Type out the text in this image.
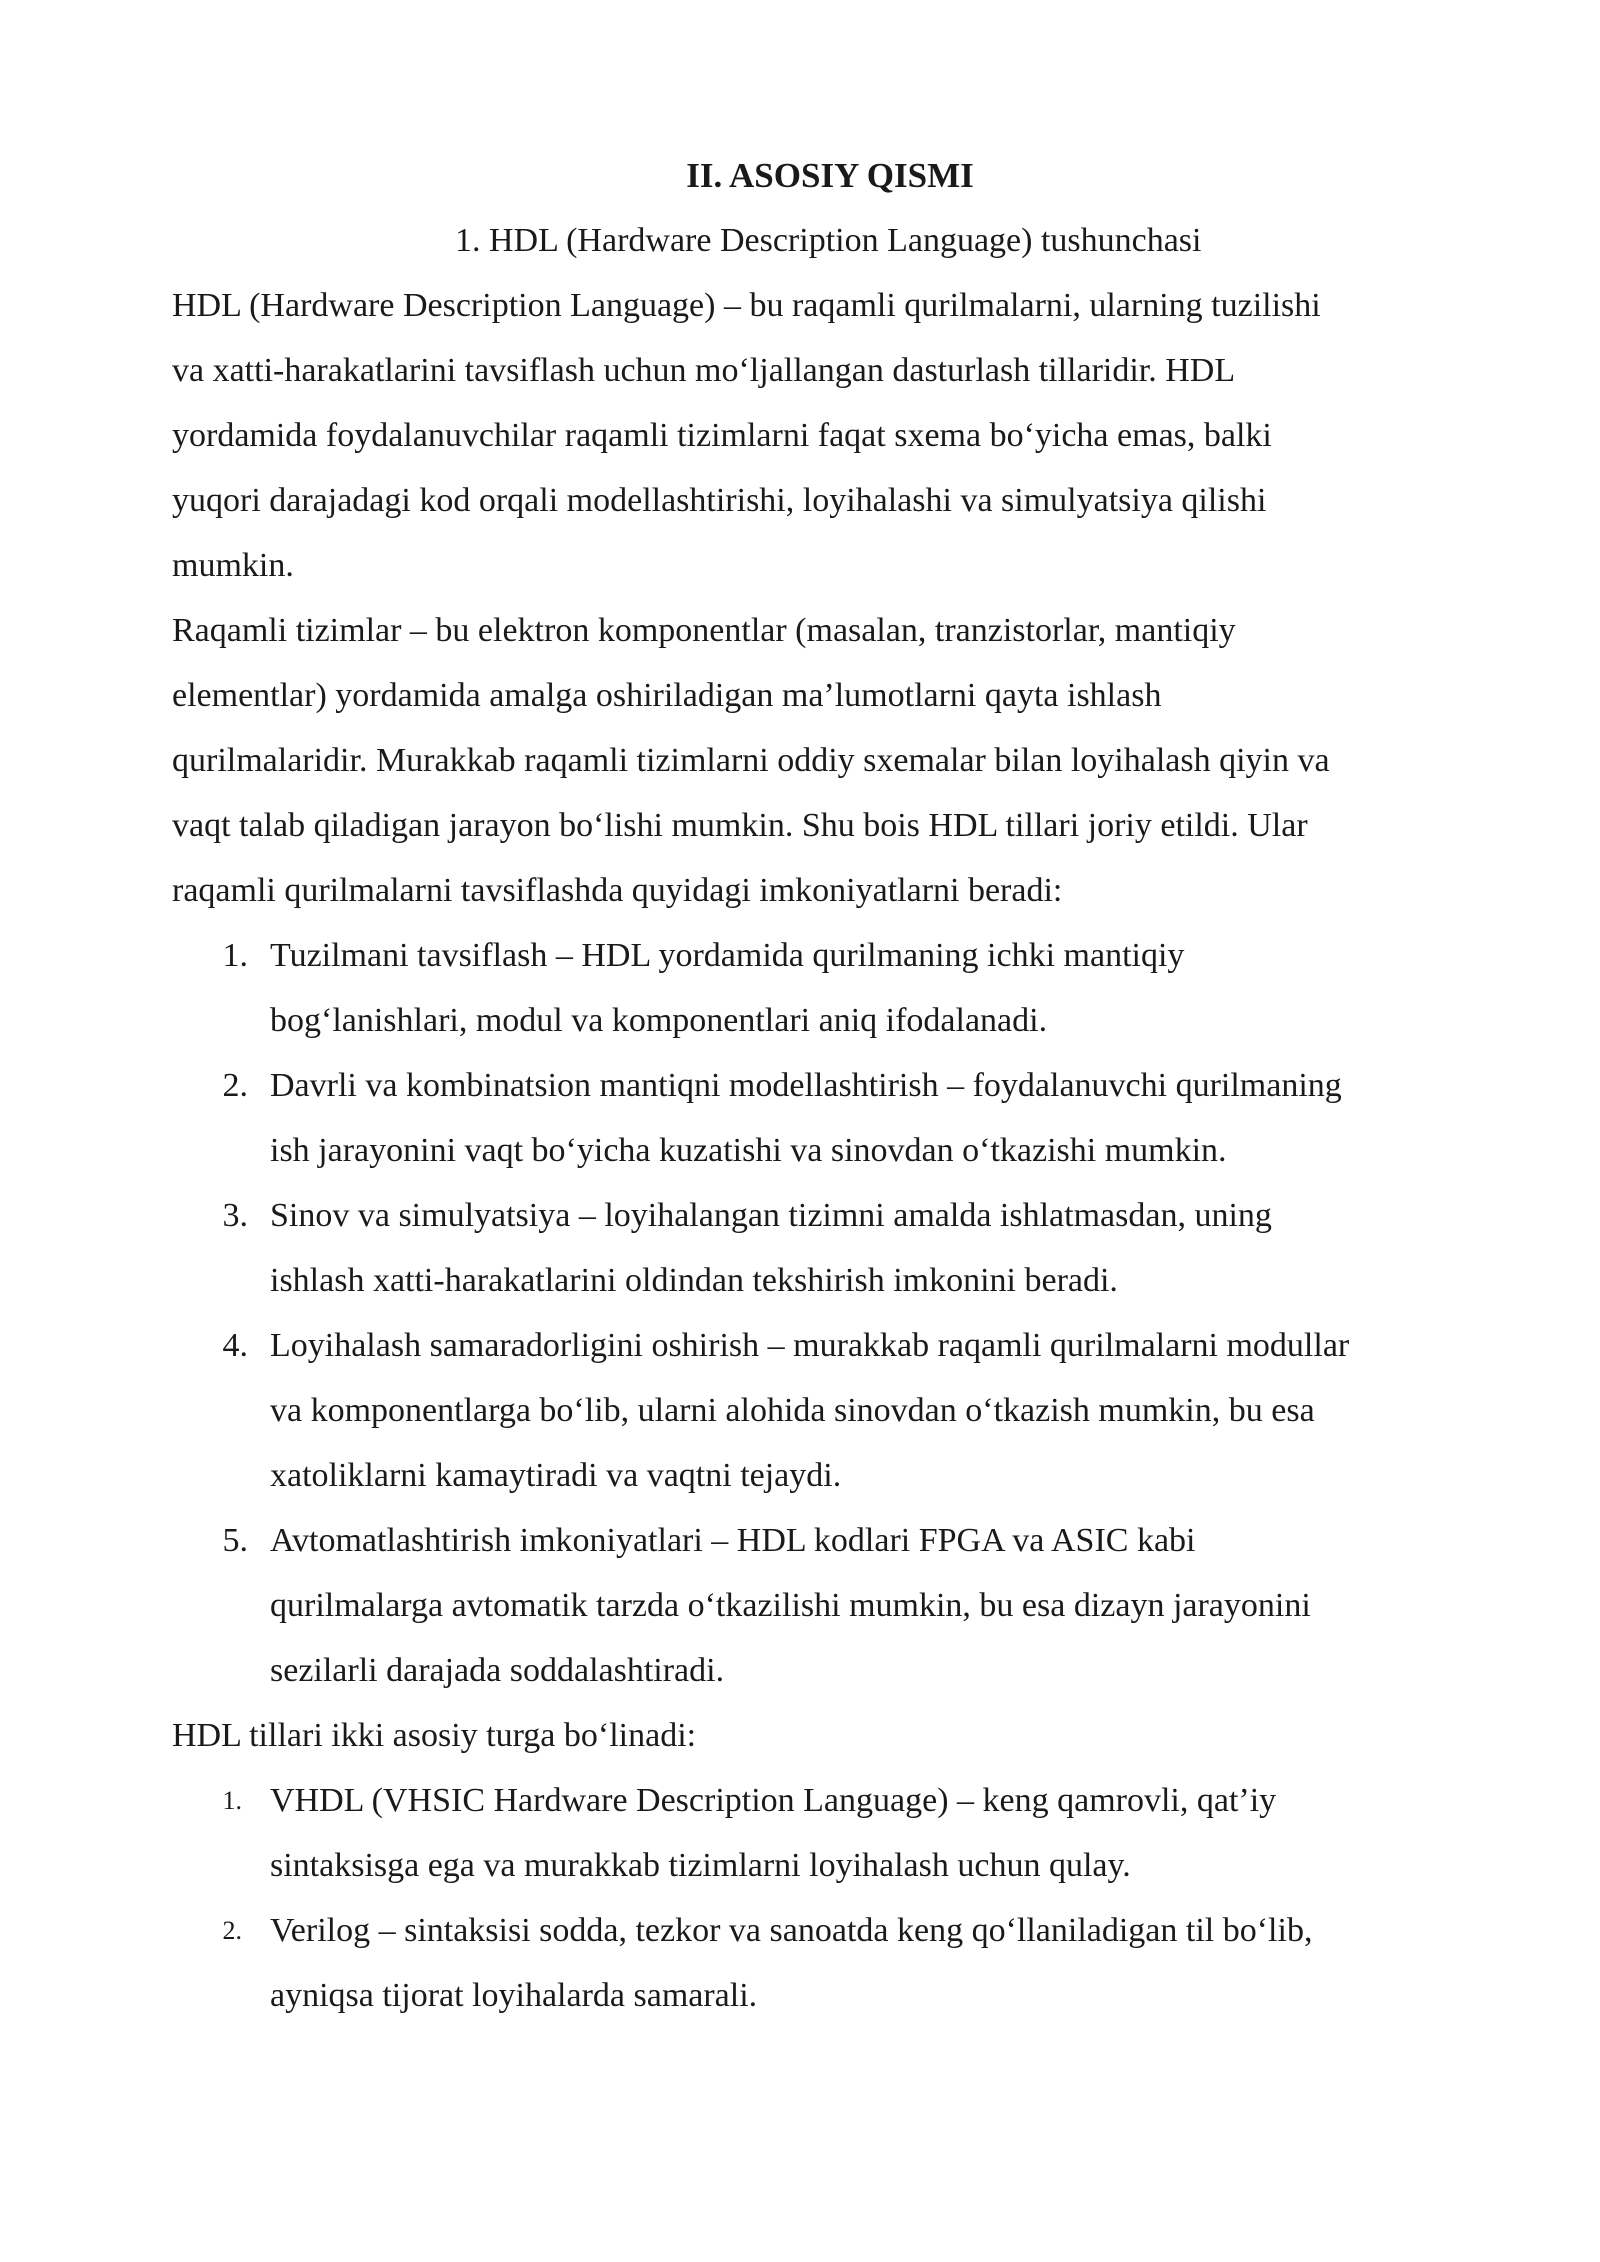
II. ASOSIY QISMI
1. HDL (Hardware Description Language) tushunchasi
HDL (Hardware Description Language) – bu raqamli qurilmalarni, ularning tuzilishi
va xatti-harakatlarini tavsiflash uchun mo‘ljallangan dasturlash tillaridir. HDL
yordamida foydalanuvchilar raqamli tizimlarni faqat sxema bo‘yicha emas, balki
yuqori darajadagi kod orqali modellashtirishi, loyihalashi va simulyatsiya qilishi
mumkin.
Raqamli tizimlar – bu elektron komponentlar (masalan, tranzistorlar, mantiqiy
elementlar) yordamida amalga oshiriladigan ma’lumotlarni qayta ishlash
qurilmalaridir. Murakkab raqamli tizimlarni oddiy sxemalar bilan loyihalash qiyin va
vaqt talab qiladigan jarayon bo‘lishi mumkin. Shu bois HDL tillari joriy etildi. Ular
raqamli qurilmalarni tavsiflashda quyidagi imkoniyatlarni beradi:
1. Tuzilmani tavsiflash – HDL yordamida qurilmaning ichki mantiqiy
bog‘lanishlari, modul va komponentlari aniq ifodalanadi.
2. Davrli va kombinatsion mantiqni modellashtirish – foydalanuvchi qurilmaning
ish jarayonini vaqt bo‘yicha kuzatishi va sinovdan o‘tkazishi mumkin.
3. Sinov va simulyatsiya – loyihalangan tizimni amalda ishlatmasdan, uning
ishlash xatti-harakatlarini oldindan tekshirish imkonini beradi.
4. Loyihalash samaradorligini oshirish – murakkab raqamli qurilmalarni modullar
va komponentlarga bo‘lib, ularni alohida sinovdan o‘tkazish mumkin, bu esa
xatoliklarni kamaytiradi va vaqtni tejaydi.
5. Avtomatlashtirish imkoniyatlari – HDL kodlari FPGA va ASIC kabi
qurilmalarga avtomatik tarzda o‘tkazilishi mumkin, bu esa dizayn jarayonini
sezilarli darajada soddalashtiradi.
HDL tillari ikki asosiy turga bo‘linadi:
1. VHDL (VHSIC Hardware Description Language) – keng qamrovli, qat’iy
sintaksisga ega va murakkab tizimlarni loyihalash uchun qulay.
2. Verilog – sintaksisi sodda, tezkor va sanoatda keng qo‘llaniladigan til bo‘lib,
ayniqsa tijorat loyihalarda samarali.
